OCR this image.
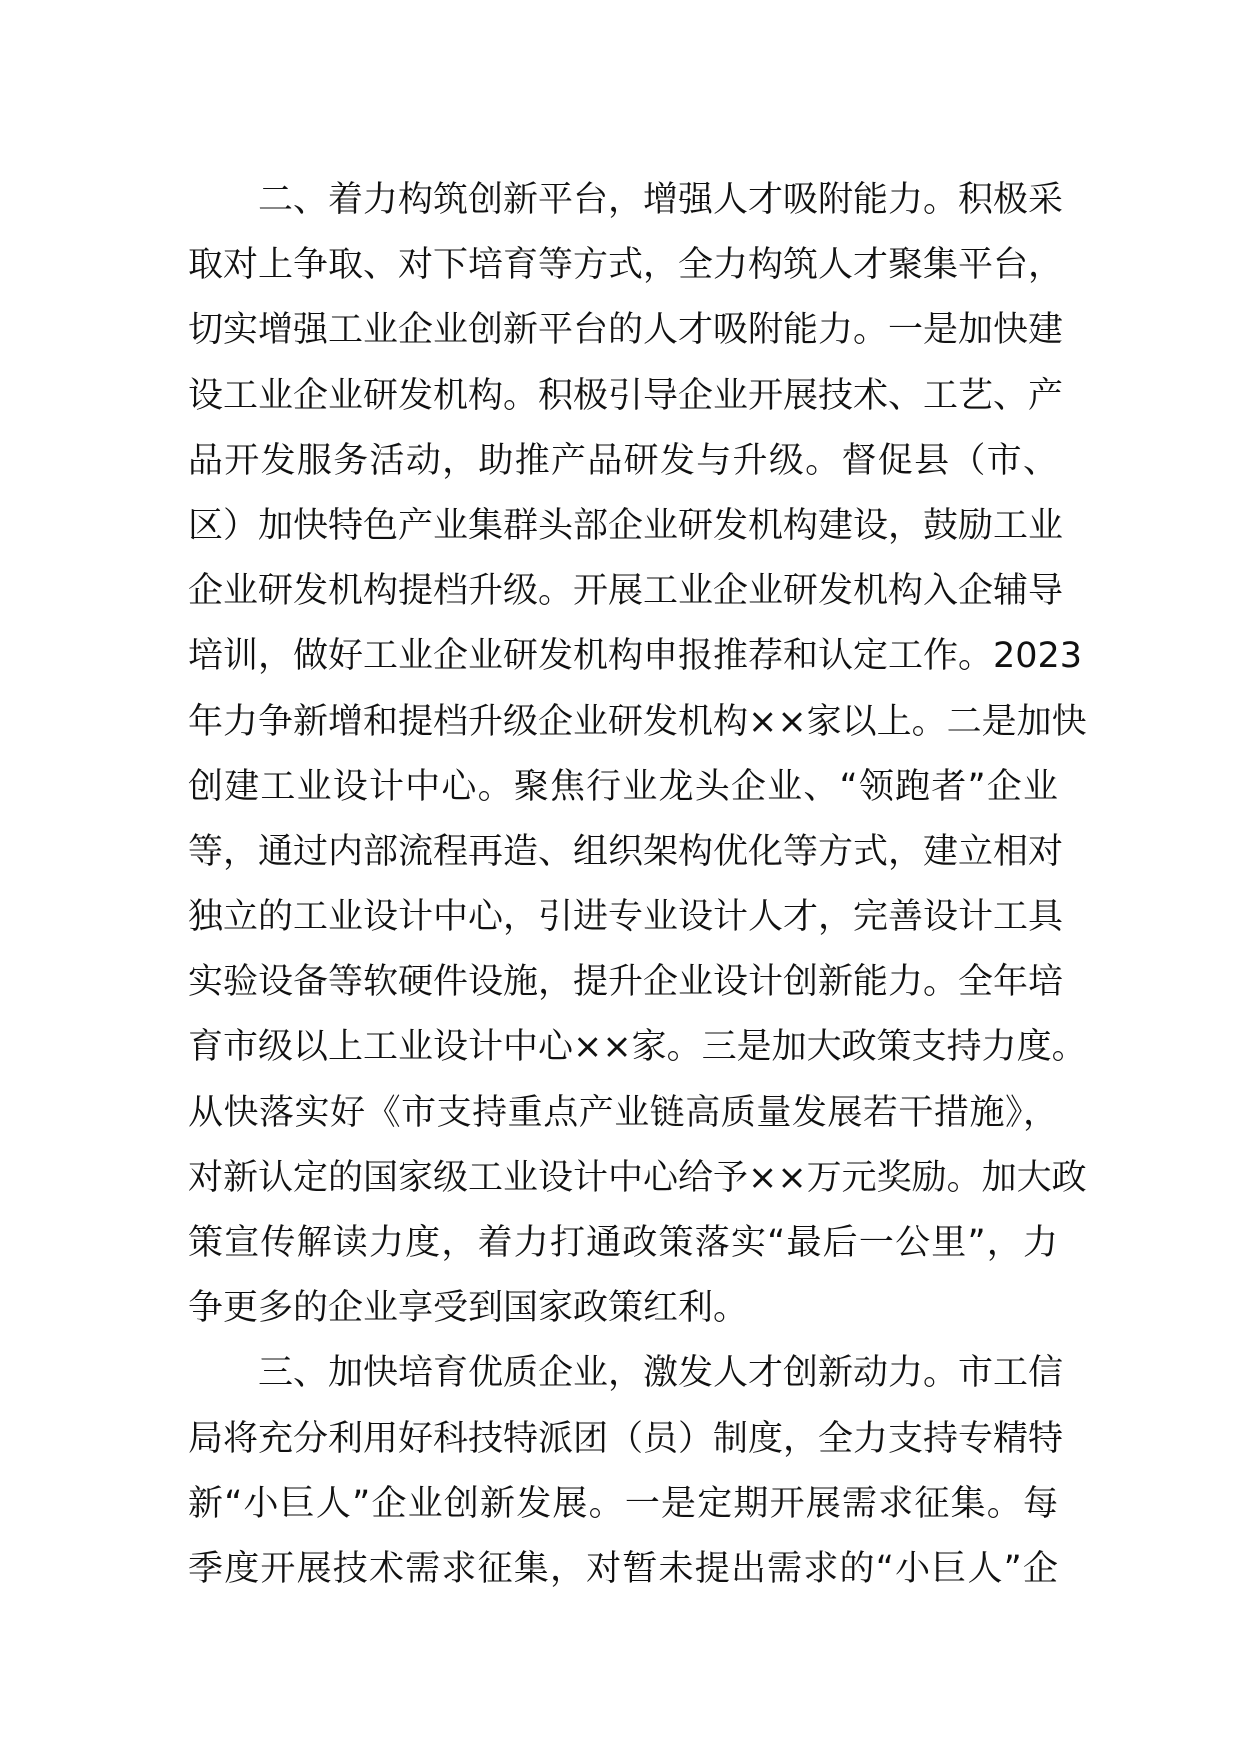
二、着力构筑创新平台，增强人才吸附能力。积极采
取对上争取、对下培育等方式，全力构筑人才聚集平台，
切实增强工业企业创新平台的人才吸附能力。一是加快建
设工业企业研发机构。积极引导企业开展技术、工艺、产
品开发服务活动，助推产品研发与升级。督促县（市、
区）加快特色产业集群头部企业研发机构建设，鼓励工业
企业研发机构提档升级。开展工业企业研发机构入企辅导
培训，做好工业企业研发机构申报推荐和认定工作。2023
年力争新增和提档升级企业研发机构××家以上。二是加快
创建工业设计中心。聚焦行业龙头企业、“领跑者”企业
等，通过内部流程再造、组织架构优化等方式，建立相对
独立的工业设计中心，引进专业设计人才，完善设计工具
实验设备等软硬件设施，提升企业设计创新能力。全年培
育市级以上工业设计中心××家。三是加大政策支持力度。
从快落实好《市支持重点产业链高质量发展若干措施》，
对新认定的国家级工业设计中心给予××万元奖励。加大政
策宣传解读力度，着力打通政策落实“最后一公里”，力
争更多的企业享受到国家政策红利。
三、加快培育优质企业，激发人才创新动力。市工信
局将充分利用好科技特派团（员）制度，全力支持专精特
新“小巨人”企业创新发展。一是定期开展需求征集。每
季度开展技术需求征集，对暂未提出需求的“小巨人”企
